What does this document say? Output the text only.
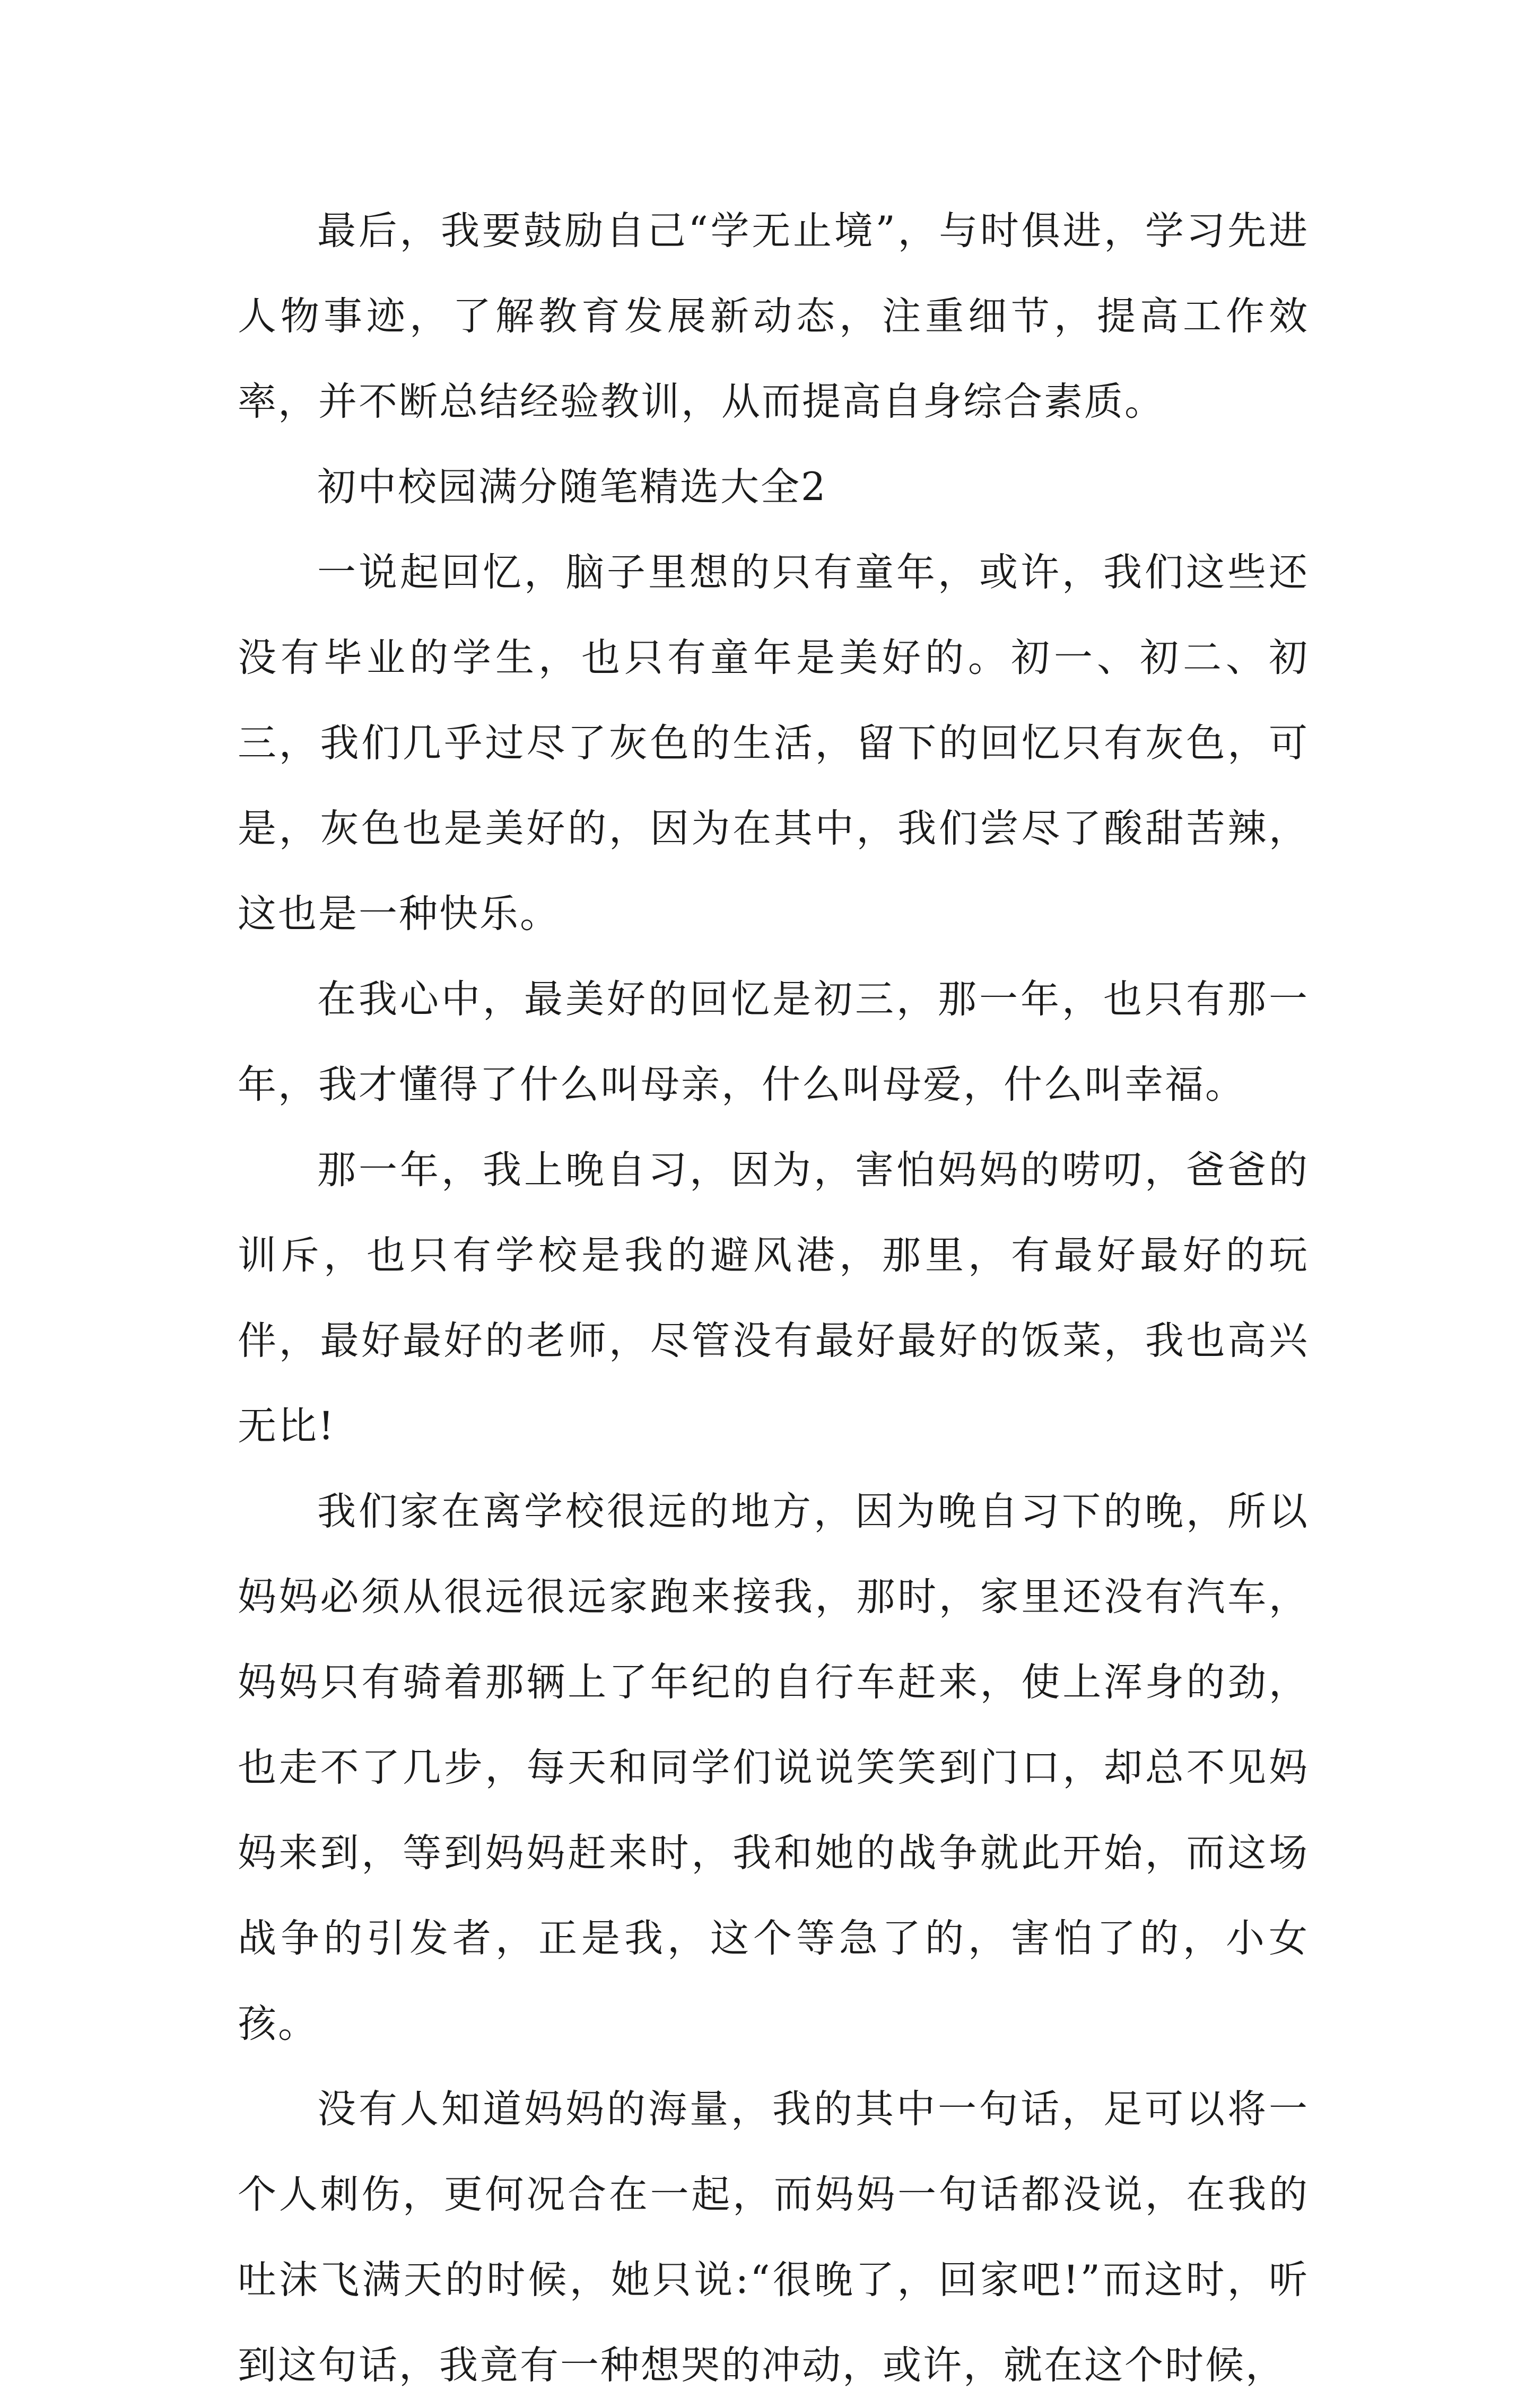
最后，我要鼓励自己“学无止境”，与时俱进，学习先进人物事迹，了解教育发展新动态，注重细节，提高工作效率，并不断总结经验教训，从而提高自身综合素质。

初中校园满分随笔精选大全2

一说起回忆，脑子里想的只有童年，或许，我们这些还没有毕业的学生，也只有童年是美好的。初一、初二、初三，我们几乎过尽了灰色的生活，留下的回忆只有灰色，可是，灰色也是美好的，因为在其中，我们尝尽了酸甜苦辣，这也是一种快乐。

在我心中，最美好的回忆是初三，那一年，也只有那一年，我才懂得了什么叫母亲，什么叫母爱，什么叫幸福。

那一年，我上晚自习，因为，害怕妈妈的唠叨，爸爸的训斥，也只有学校是我的避风港，那里，有最好最好的玩伴，最好最好的老师，尽管没有最好最好的饭菜，我也高兴无比!

我们家在离学校很远的地方，因为晚自习下的晚，所以妈妈必须从很远很远家跑来接我，那时，家里还没有汽车，妈妈只有骑着那辆上了年纪的自行车赶来，使上浑身的劲，也走不了几步，每天和同学们说说笑笑到门口，却总不见妈妈来到，等到妈妈赶来时，我和她的战争就此开始，而这场战争的引发者，正是我，这个等急了的，害怕了的，小女孩。

没有人知道妈妈的海量，我的其中一句话，足可以将一个人刺伤，更何况合在一起，而妈妈一句话都没说，在我的吐沫飞满天的时候，她只说:“很晚了，回家吧!”而这时，听到这句话，我竟有一种想哭的冲动，或许，就在这个时候，
